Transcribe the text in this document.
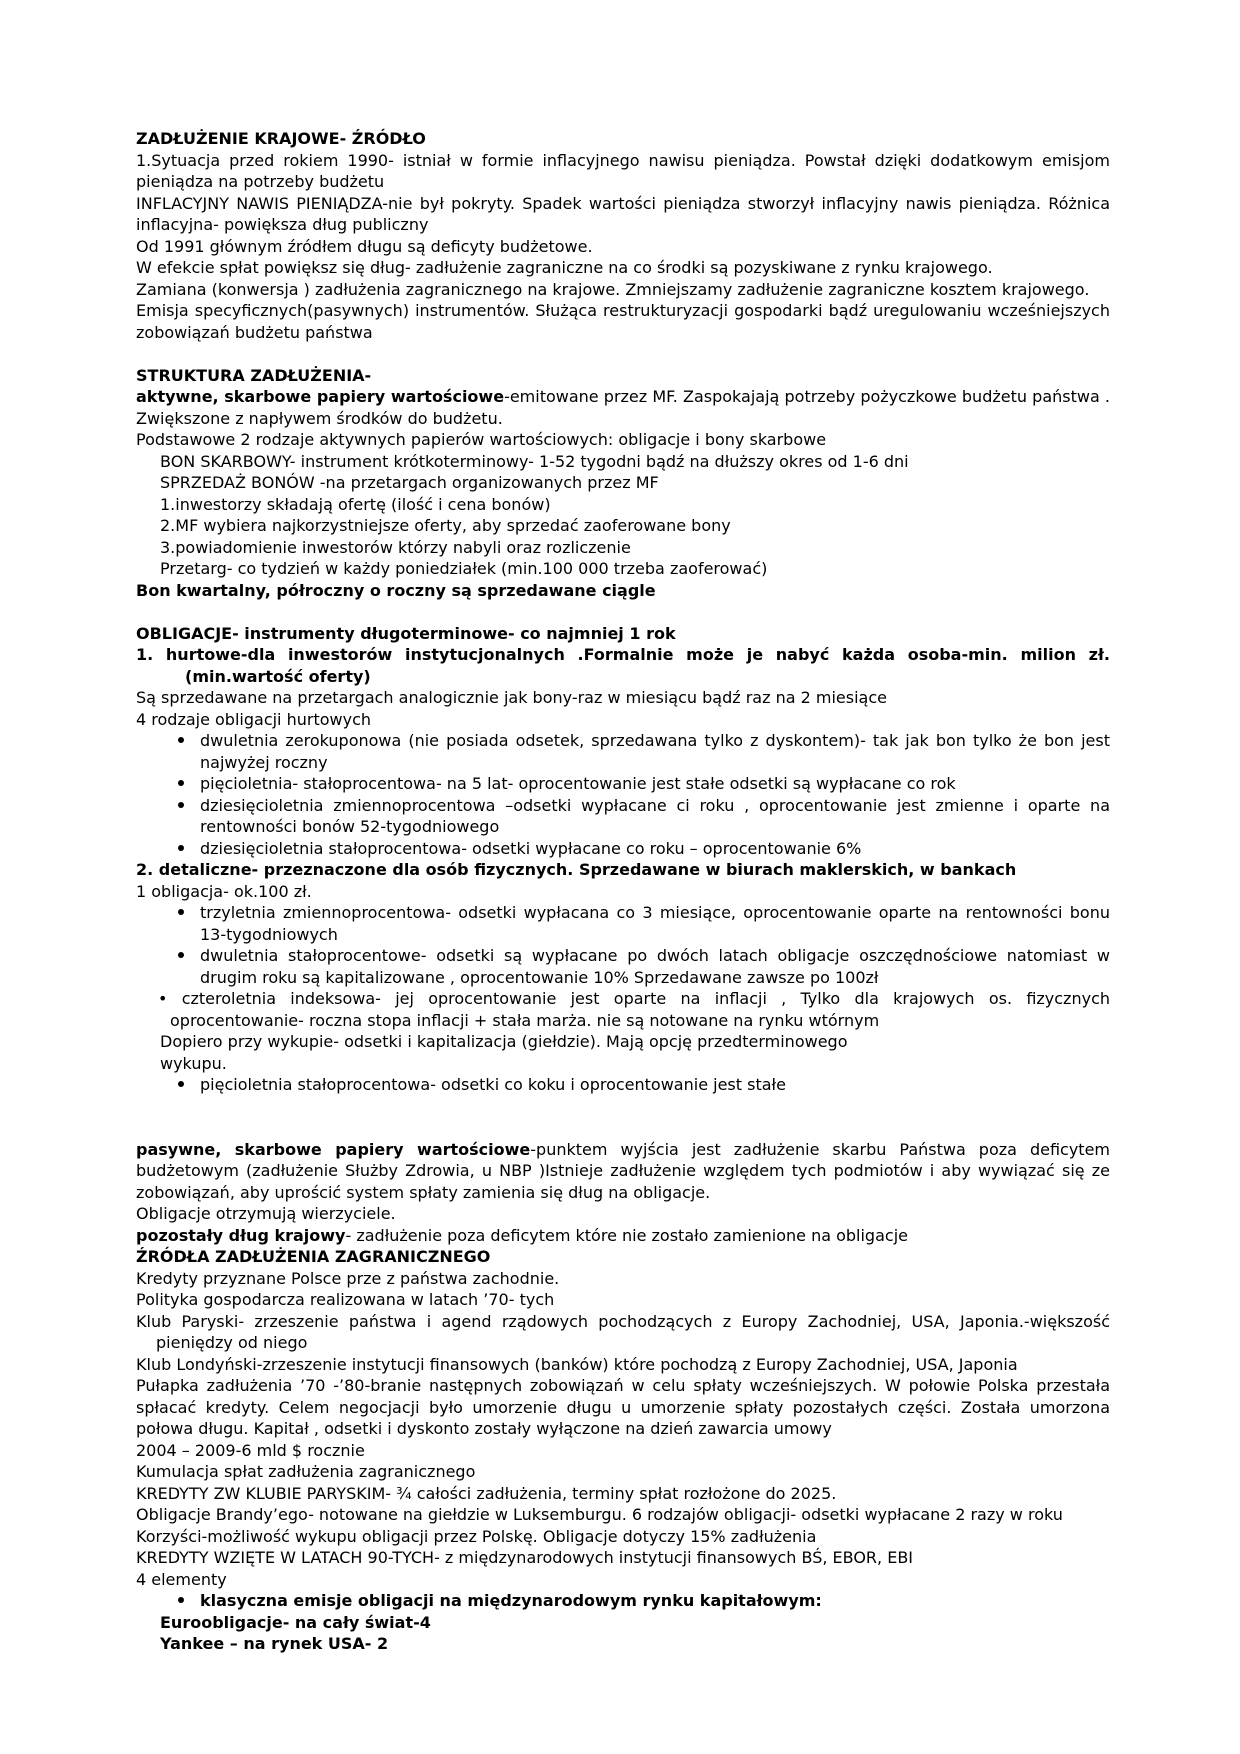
ZADŁUŻENIE KRAJOWE- ŹRÓDŁO
1.Sytuacja przed rokiem 1990- istniał w formie inflacyjnego nawisu pieniądza. Powstał dzięki dodatkowym emisjom pieniądza na potrzeby budżetu
INFLACYJNY NAWIS PIENIĄDZA-nie był pokryty. Spadek wartości pieniądza stworzył inflacyjny nawis pieniądza. Różnica inflacyjna- powiększa dług publiczny
Od 1991 głównym źródłem długu są deficyty budżetowe.
W efekcie spłat powiększ się dług- zadłużenie zagraniczne na co środki są pozyskiwane z rynku krajowego.
Zamiana (konwersja ) zadłużenia zagranicznego na krajowe. Zmniejszamy zadłużenie zagraniczne kosztem krajowego.
Emisja specyficznych(pasywnych) instrumentów. Służąca restrukturyzacji gospodarki bądź uregulowaniu wcześniejszych zobowiązań budżetu państwa
STRUKTURA ZADŁUŻENIA-
aktywne, skarbowe papiery wartościowe-emitowane przez MF. Zaspokajają potrzeby pożyczkowe budżetu państwa . Zwiększone z napływem środków do budżetu.
Podstawowe 2 rodzaje aktywnych papierów wartościowych: obligacje i bony skarbowe
BON SKARBOWY- instrument krótkoterminowy- 1-52 tygodni bądź na dłuższy okres od 1-6 dni
SPRZEDAŻ BONÓW -na przetargach organizowanych przez MF
1.inwestorzy składają ofertę (ilość i cena bonów)
2.MF wybiera najkorzystniejsze oferty, aby sprzedać zaoferowane bony
3.powiadomienie inwestorów którzy nabyli oraz rozliczenie
Przetarg- co tydzień w każdy poniedziałek (min.100 000 trzeba zaoferować)
Bon kwartalny, półroczny o roczny są sprzedawane ciągle
OBLIGACJE- instrumenty długoterminowe- co najmniej 1 rok
1. hurtowe-dla inwestorów instytucjonalnych .Formalnie może je nabyć każda osoba-min. milion zł. (min.wartość oferty)
Są sprzedawane na przetargach analogicznie jak bony-raz w miesiącu bądź raz na 2 miesiące
4 rodzaje obligacji hurtowych
dwuletnia zerokuponowa (nie posiada odsetek, sprzedawana tylko z dyskontem)- tak jak bon tylko że bon jest najwyżej roczny
pięcioletnia- stałoprocentowa- na 5 lat- oprocentowanie jest stałe odsetki są wypłacane co rok
dziesięcioletnia zmiennoprocentowa –odsetki wypłacane ci roku , oprocentowanie jest zmienne i oparte na rentowności bonów 52-tygodniowego
dziesięcioletnia stałoprocentowa- odsetki wypłacane co roku – oprocentowanie 6%
2. detaliczne- przeznaczone dla osób fizycznych. Sprzedawane w biurach maklerskich, w bankach
1 obligacja- ok.100 zł.
trzyletnia zmiennoprocentowa- odsetki wypłacana co 3 miesiące, oprocentowanie oparte na rentowności bonu 13-tygodniowych
dwuletnia stałoprocentowe- odsetki są wypłacane po dwóch latach obligacje oszczędnościowe natomiast w drugim roku są kapitalizowane , oprocentowanie 10% Sprzedawane zawsze po 100zł
• czteroletnia indeksowa- jej oprocentowanie jest oparte na inflacji , Tylko dla krajowych os. fizycznych oprocentowanie- roczna stopa inflacji + stała marża. nie są notowane na rynku wtórnym
Dopiero przy wykupie- odsetki i kapitalizacja (giełdzie). Mają opcję przedterminowego
wykupu.
pięcioletnia stałoprocentowa- odsetki co koku i oprocentowanie jest stałe
pasywne, skarbowe papiery wartościowe-punktem wyjścia jest zadłużenie skarbu Państwa poza deficytem budżetowym (zadłużenie Służby Zdrowia, u NBP )Istnieje zadłużenie względem tych podmiotów i aby wywiązać się ze zobowiązań, aby uprościć system spłaty zamienia się dług na obligacje.
Obligacje otrzymują wierzyciele.
pozostały dług krajowy- zadłużenie poza deficytem które nie zostało zamienione na obligacje
ŹRÓDŁA ZADŁUŻENIA ZAGRANICZNEGO
Kredyty przyznane Polsce prze z państwa zachodnie.
Polityka gospodarcza realizowana w latach ’70- tych
Klub Paryski- zrzeszenie państwa i agend rządowych pochodzących z Europy Zachodniej, USA, Japonia.-większość pieniędzy od niego
Klub Londyński-zrzeszenie instytucji finansowych (banków) które pochodzą z Europy Zachodniej, USA, Japonia
Pułapka zadłużenia ’70 -’80-branie następnych zobowiązań w celu spłaty wcześniejszych. W połowie Polska przestała spłacać kredyty. Celem negocjacji było umorzenie długu u umorzenie spłaty pozostałych części. Została umorzona połowa długu. Kapitał , odsetki i dyskonto zostały wyłączone na dzień zawarcia umowy
2004 – 2009-6 mld $ rocznie
Kumulacja spłat zadłużenia zagranicznego
KREDYTY ZW KLUBIE PARYSKIM- ¾ całości zadłużenia, terminy spłat rozłożone do 2025.
Obligacje Brandy’ego- notowane na giełdzie w Luksemburgu. 6 rodzajów obligacji- odsetki wypłacane 2 razy w roku
Korzyści-możliwość wykupu obligacji przez Polskę. Obligacje dotyczy 15% zadłużenia
KREDYTY WZIĘTE W LATACH 90-TYCH- z międzynarodowych instytucji finansowych BŚ, EBOR, EBI
4 elementy
klasyczna emisje obligacji na międzynarodowym rynku kapitałowym:
Euroobligacje- na cały świat-4
Yankee – na rynek USA- 2
